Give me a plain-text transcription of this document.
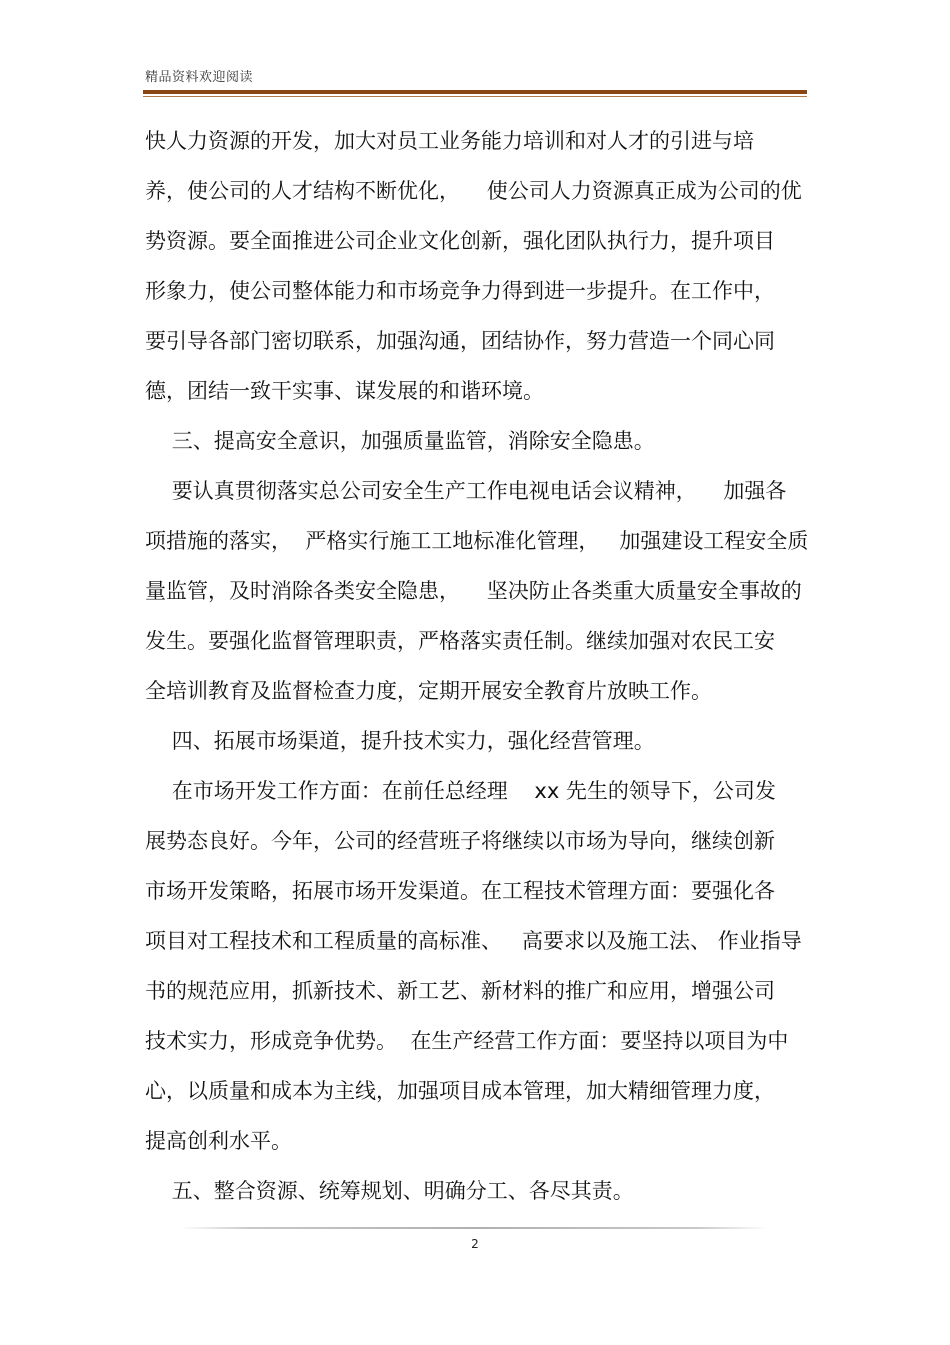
精品资料欢迎阅读
快人力资源的开发，加大对员工业务能力培训和对人才的引进与培
养，使公司的人才结构不断优化，    使公司人力资源真正成为公司的优
势资源。要全面推进公司企业文化创新，强化团队执行力，提升项目
形象力，使公司整体能力和市场竞争力得到进一步提升。在工作中，
要引导各部门密切联系，加强沟通，团结协作，努力营造一个同心同
德，团结一致干实事、谋发展的和谐环境。
三、提高安全意识，加强质量监管，消除安全隐患。
要认真贯彻落实总公司安全生产工作电视电话会议精神，    加强各
项措施的落实，  严格实行施工工地标准化管理，   加强建设工程安全质
量监管，及时消除各类安全隐患，    坚决防止各类重大质量安全事故的
发生。要强化监督管理职责，严格落实责任制。继续加强对农民工安
全培训教育及监督检查力度，定期开展安全教育片放映工作。
四、拓展市场渠道，提升技术实力，强化经营管理。
在市场开发工作方面：在前任总经理    xx 先生的领导下，公司发
展势态良好。今年，公司的经营班子将继续以市场为导向，继续创新
市场开发策略，拓展市场开发渠道。在工程技术管理方面：要强化各
项目对工程技术和工程质量的高标准、   高要求以及施工法、 作业指导
书的规范应用，抓新技术、新工艺、新材料的推广和应用，增强公司
技术实力，形成竞争优势。  在生产经营工作方面：要坚持以项目为中
心，以质量和成本为主线，加强项目成本管理，加大精细管理力度，
提高创利水平。
五、整合资源、统筹规划、明确分工、各尽其责。
2
